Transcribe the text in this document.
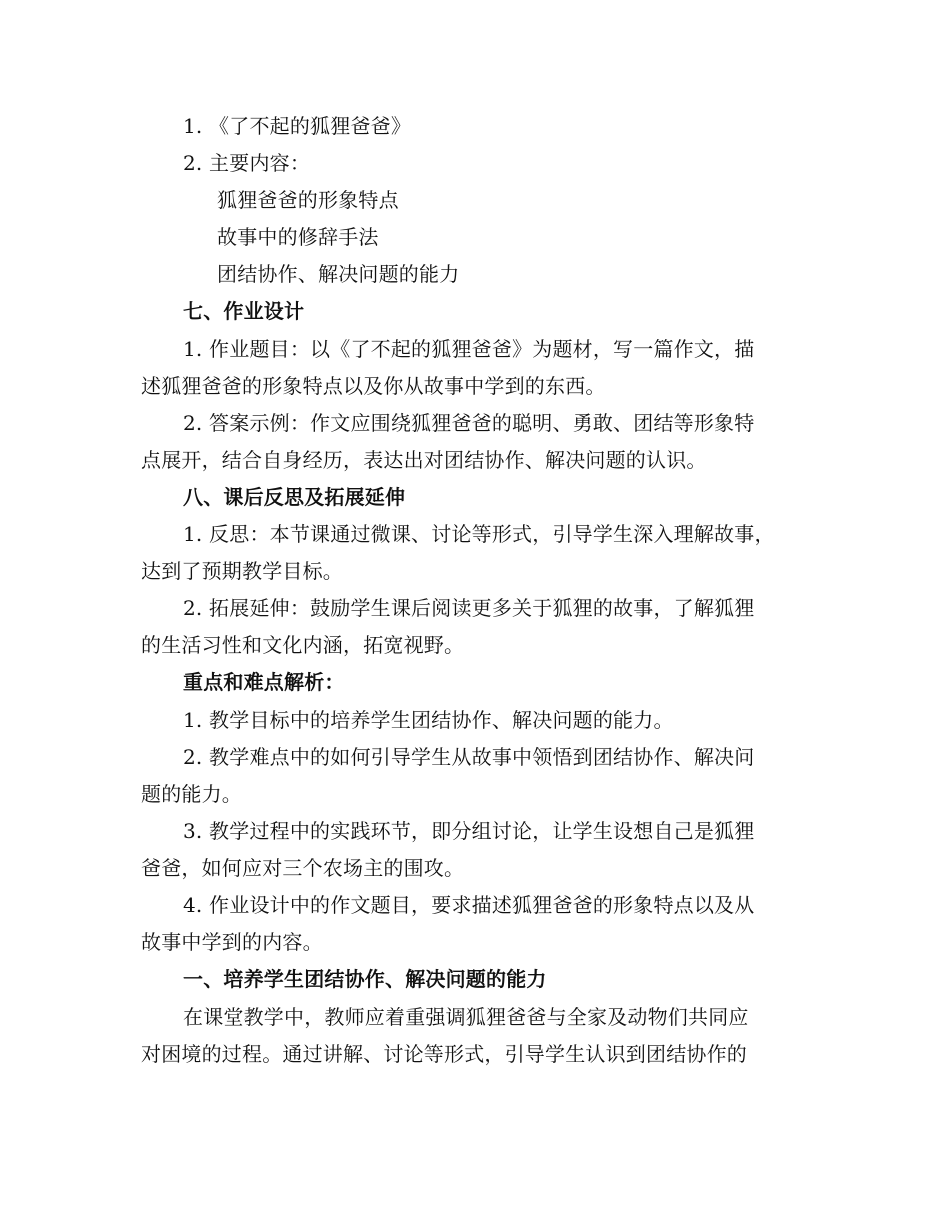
1. 《了不起的狐狸爸爸》
2. 主要内容：
狐狸爸爸的形象特点
故事中的修辞手法
团结协作、解决问题的能力
七、作业设计
1. 作业题目：以《了不起的狐狸爸爸》为题材，写一篇作文，描
述狐狸爸爸的形象特点以及你从故事中学到的东西。
2. 答案示例：作文应围绕狐狸爸爸的聪明、勇敢、团结等形象特
点展开，结合自身经历，表达出对团结协作、解决问题的认识。
八、课后反思及拓展延伸
1. 反思：本节课通过微课、讨论等形式，引导学生深入理解故事，
达到了预期教学目标。
2. 拓展延伸：鼓励学生课后阅读更多关于狐狸的故事，了解狐狸
的生活习性和文化内涵，拓宽视野。
重点和难点解析：
1. 教学目标中的培养学生团结协作、解决问题的能力。
2. 教学难点中的如何引导学生从故事中领悟到团结协作、解决问
题的能力。
3. 教学过程中的实践环节，即分组讨论，让学生设想自己是狐狸
爸爸，如何应对三个农场主的围攻。
4. 作业设计中的作文题目，要求描述狐狸爸爸的形象特点以及从
故事中学到的内容。
一、培养学生团结协作、解决问题的能力
在课堂教学中，教师应着重强调狐狸爸爸与全家及动物们共同应
对困境的过程。通过讲解、讨论等形式，引导学生认识到团结协作的
